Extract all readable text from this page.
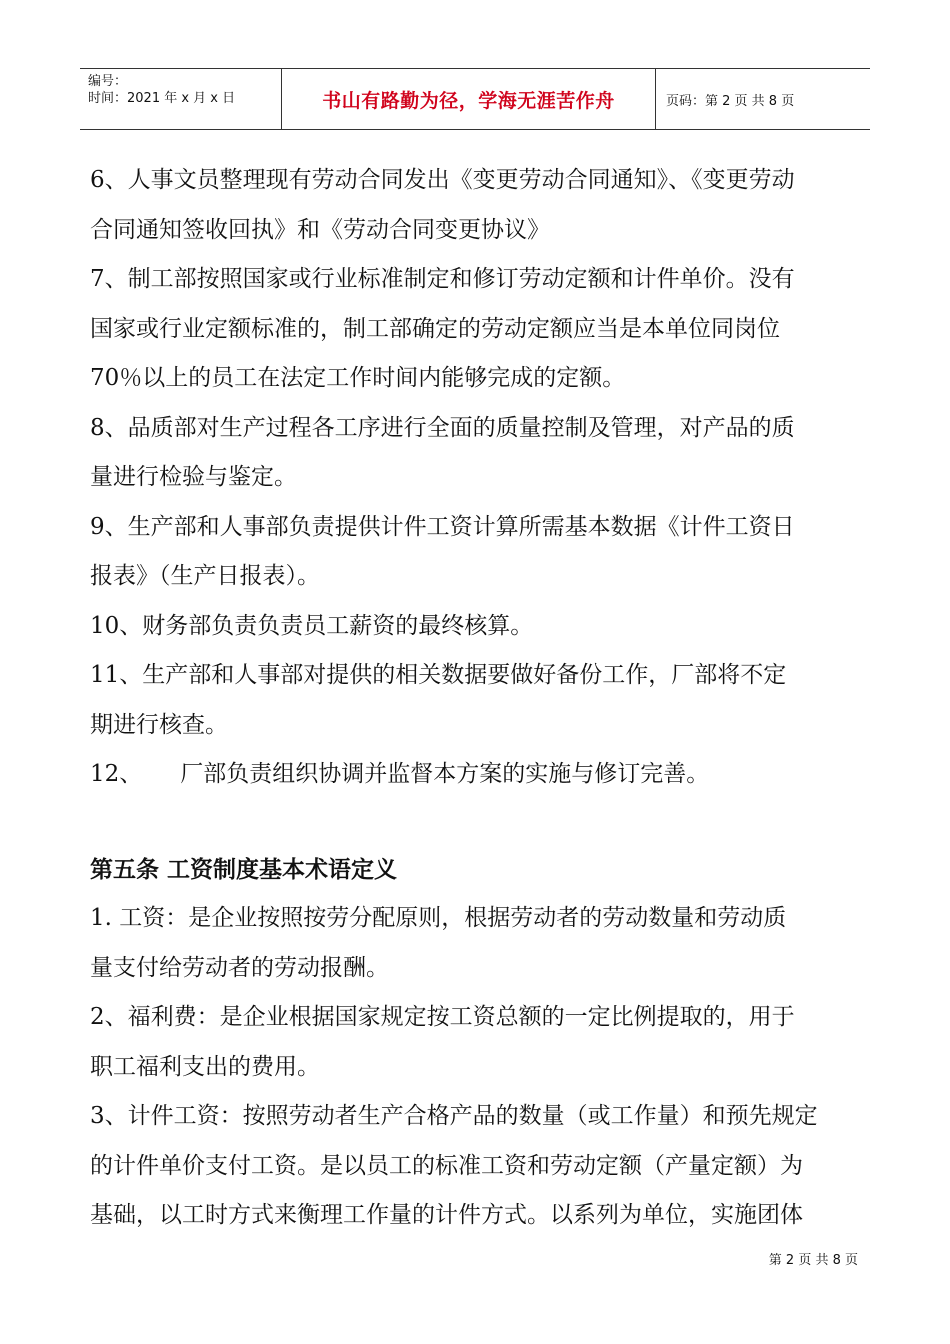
编号：
时间：2021 年 x 月 x 日	书山有路勤为径，学海无涯苦作舟	页码：第 2 页 共 8 页

6、人事文员整理现有劳动合同发出《变更劳动合同通知》、《变更劳动

合同通知签收回执》和《劳动合同变更协议》

7、制工部按照国家或行业标准制定和修订劳动定额和计件单价。没有

国家或行业定额标准的，制工部确定的劳动定额应当是本单位同岗位

70％以上的员工在法定工作时间内能够完成的定额。

8、品质部对生产过程各工序进行全面的质量控制及管理，对产品的质

量进行检验与鉴定。

9、生产部和人事部负责提供计件工资计算所需基本数据《计件工资日

报表》（生产日报表）。

10、财务部负责负责员工薪资的最终核算。

11、生产部和人事部对提供的相关数据要做好备份工作，厂部将不定

期进行核查。

12、 厂部负责组织协调并监督本方案的实施与修订完善。

第五条 工资制度基本术语定义

1. 工资：是企业按照按劳分配原则，根据劳动者的劳动数量和劳动质

量支付给劳动者的劳动报酬。

2、福利费：是企业根据国家规定按工资总额的一定比例提取的，用于

职工福利支出的费用。

3、计件工资：按照劳动者生产合格产品的数量（或工作量）和预先规定

的计件单价支付工资。是以员工的标准工资和劳动定额（产量定额）为

基础，以工时方式来衡理工作量的计件方式。以系列为单位，实施团体

第 2 页 共 8 页
